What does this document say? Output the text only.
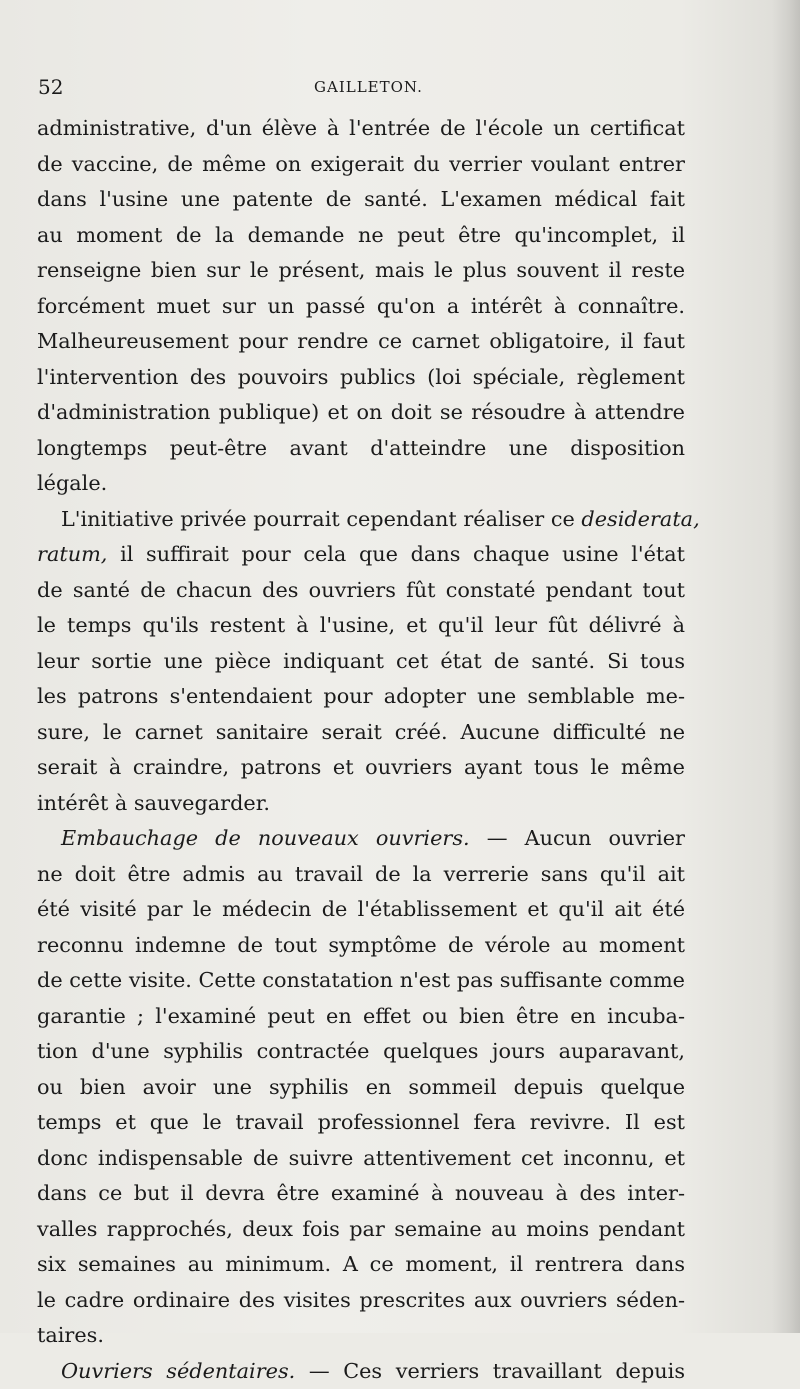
52	GAILLETON.
administrative, d'un élève à l'entrée de l'école un certificat
de vaccine, de même on exigerait du verrier voulant entrer
dans l'usine une patente de santé. L'examen médical fait
au moment de la demande ne peut être qu'incomplet, il
renseigne bien sur le présent, mais le plus souvent il reste
forcément muet sur un passé qu'on a intérêt à connaître.
Malheureusement pour rendre ce carnet obligatoire, il faut
l'intervention des pouvoirs publics (loi spéciale, règlement
d'administration publique) et on doit se résoudre à attendre
longtemps peut-être avant d'atteindre une disposition
légale.
L'initiative privée pourrait cependant réaliser ce desiderata,
ratum, il suffirait pour cela que dans chaque usine l'état
de santé de chacun des ouvriers fût constaté pendant tout
le temps qu'ils restent à l'usine, et qu'il leur fût délivré à
leur sortie une pièce indiquant cet état de santé. Si tous
les patrons s'entendaient pour adopter une semblable me-
sure, le carnet sanitaire serait créé. Aucune difficulté ne
serait à craindre, patrons et ouvriers ayant tous le même
intérêt à sauvegarder.
Embauchage de nouveaux ouvriers. — Aucun ouvrier
ne doit être admis au travail de la verrerie sans qu'il ait
été visité par le médecin de l'établissement et qu'il ait été
reconnu indemne de tout symptôme de vérole au moment
de cette visite. Cette constatation n'est pas suffisante comme
garantie ; l'examiné peut en effet ou bien être en incuba-
tion d'une syphilis contractée quelques jours auparavant,
ou bien avoir une syphilis en sommeil depuis quelque
temps et que le travail professionnel fera revivre. Il est
donc indispensable de suivre attentivement cet inconnu, et
dans ce but il devra être examiné à nouveau à des inter-
valles rapprochés, deux fois par semaine au moins pendant
six semaines au minimum. A ce moment, il rentrera dans
le cadre ordinaire des visites prescrites aux ouvriers séden-
taires.
Ouvriers sédentaires. — Ces verriers travaillant depuis
